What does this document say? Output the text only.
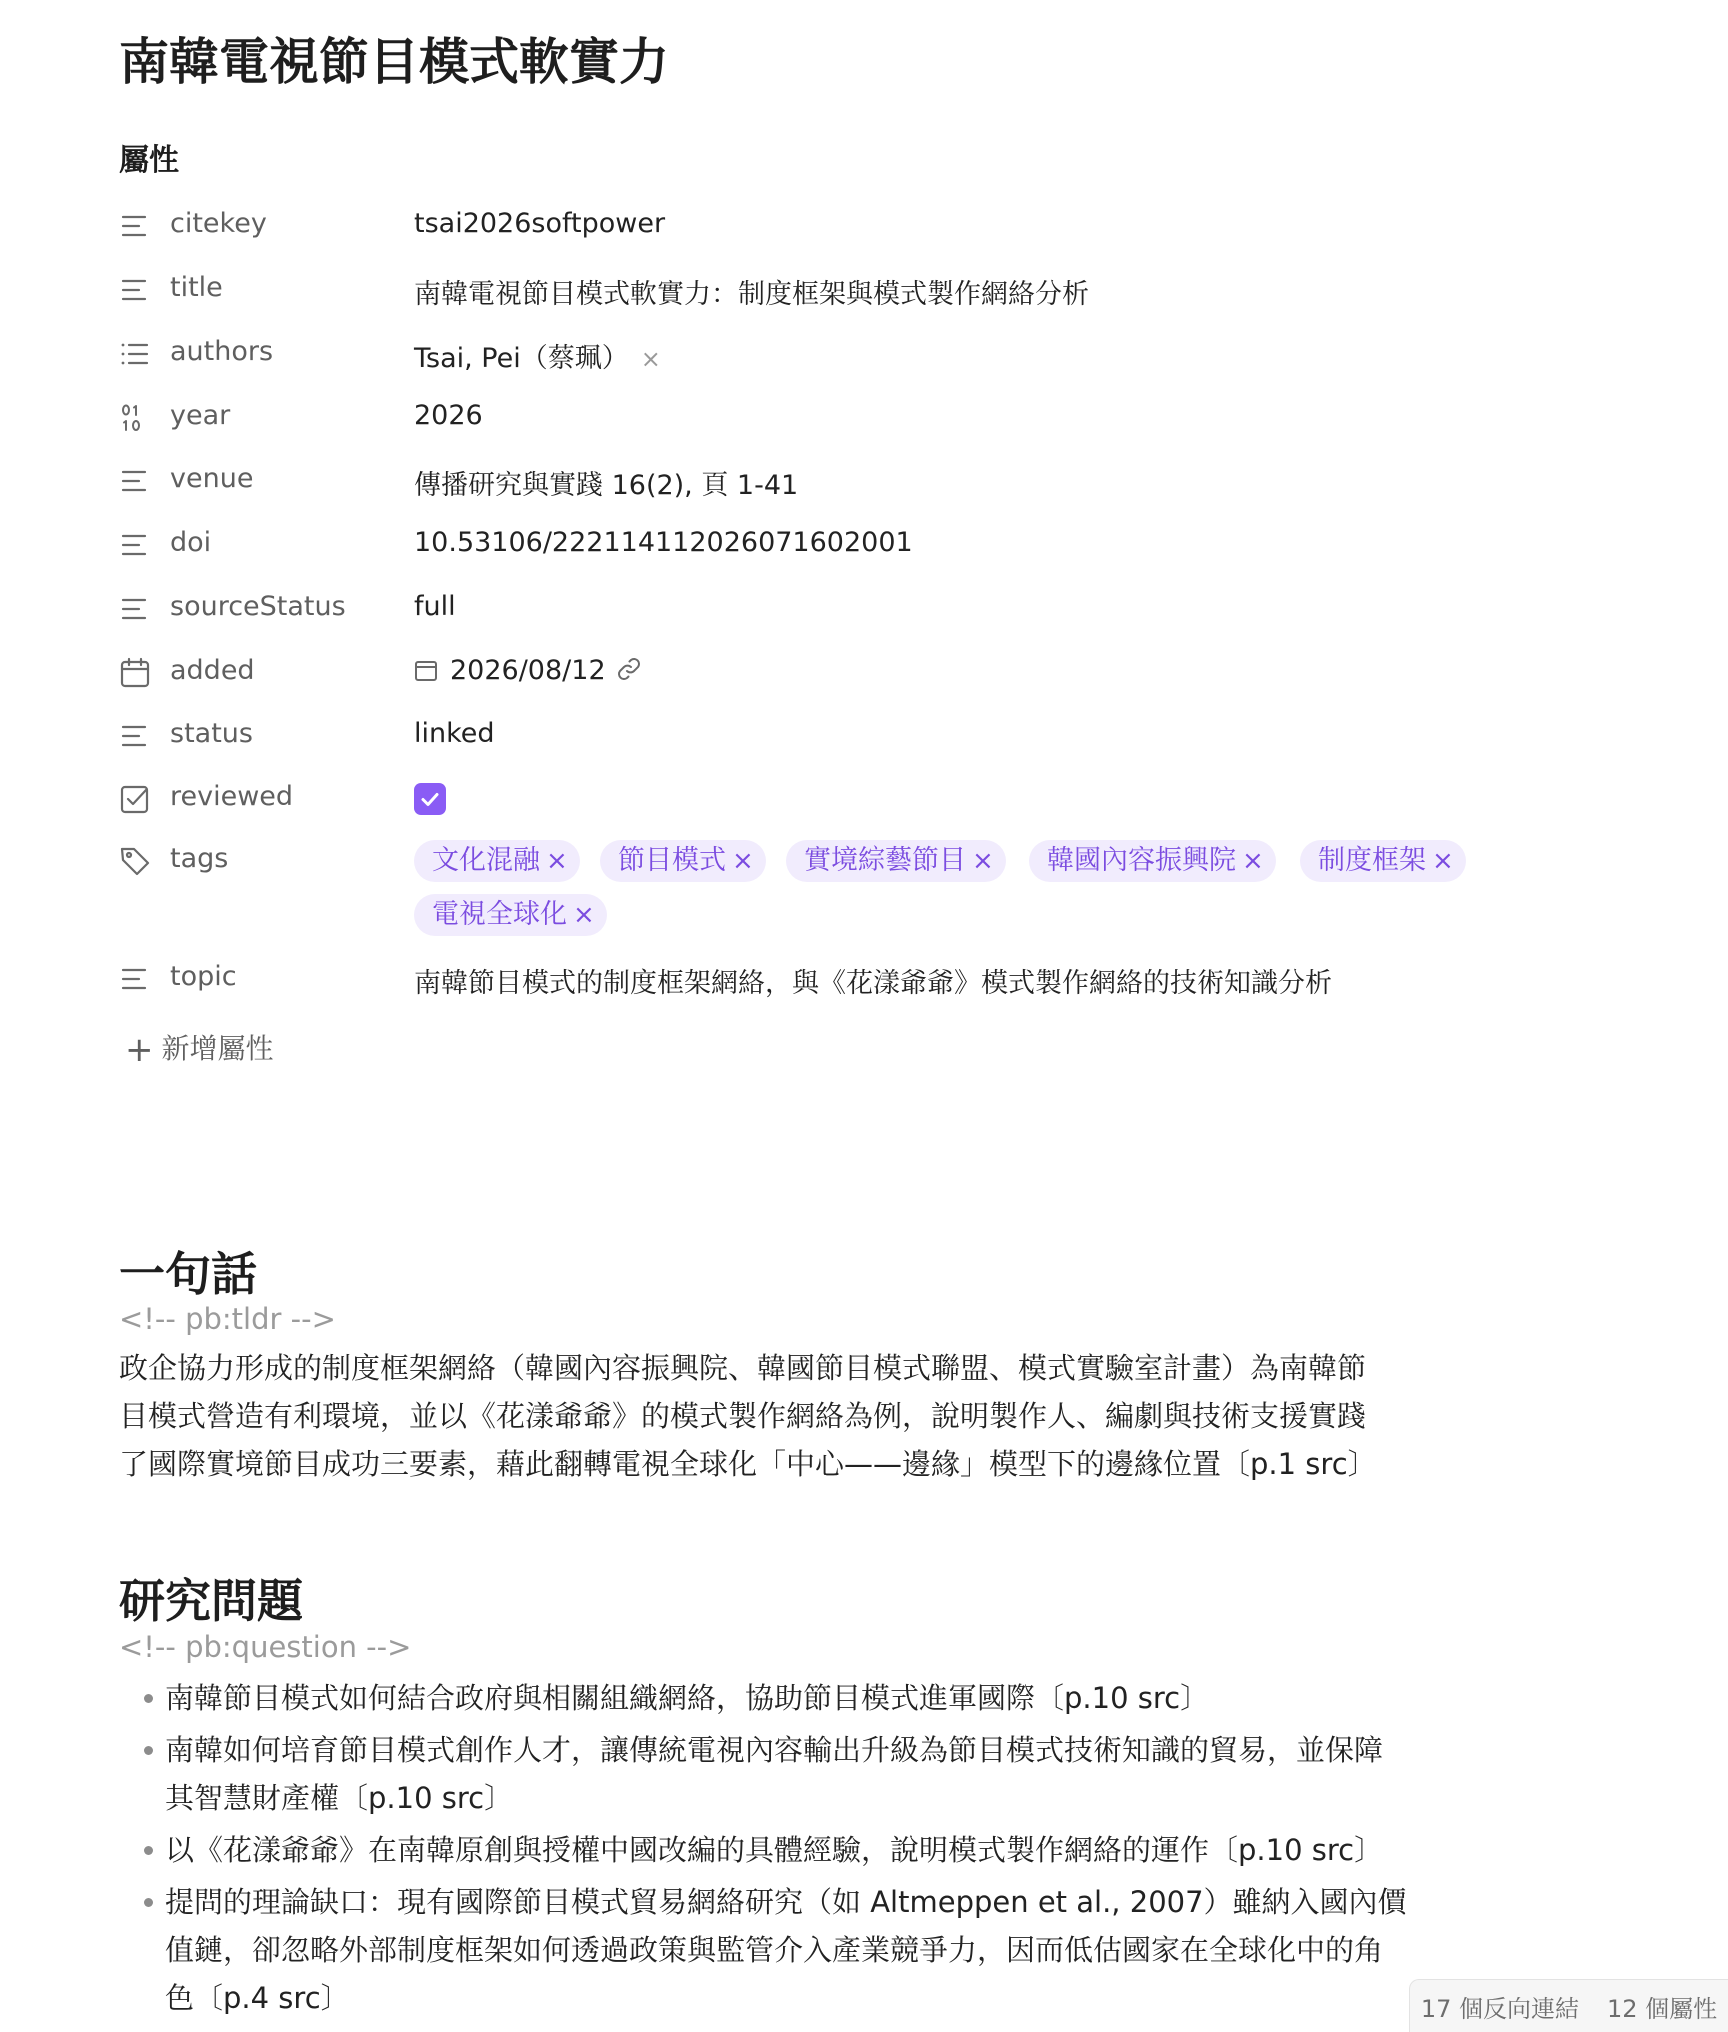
南韓電視節目模式軟實力
屬性
citekey	tsai2026softpower
title	南韓電視節目模式軟實力：制度框架與模式製作網絡分析
authors	Tsai, Pei（蔡珮） ×
year	2026
venue	傳播研究與實踐 16(2), 頁 1-41
doi	10.53106/222114112026071602001
sourceStatus	full
added	2026/08/12
status	linked
reviewed
tags	文化混融 ×	節目模式 ×	實境綜藝節目 ×	韓國內容振興院 ×	制度框架 ×
電視全球化 ×
topic	南韓節目模式的制度框架網絡，與《花漾爺爺》模式製作網絡的技術知識分析
+ 新增屬性
一句話
<!-- pb:tldr -->
政企協力形成的制度框架網絡（韓國內容振興院、韓國節目模式聯盟、模式實驗室計畫）為南韓節
目模式營造有利環境，並以《花漾爺爺》的模式製作網絡為例，說明製作人、編劇與技術支援實踐
了國際實境節目成功三要素，藉此翻轉電視全球化「中心——邊緣」模型下的邊緣位置〔p.1 src〕
研究問題
<!-- pb:question -->
南韓節目模式如何結合政府與相關組織網絡，協助節目模式進軍國際〔p.10 src〕
南韓如何培育節目模式創作人才，讓傳統電視內容輸出升級為節目模式技術知識的貿易，並保障
其智慧財產權〔p.10 src〕
以《花漾爺爺》在南韓原創與授權中國改編的具體經驗，說明模式製作網絡的運作〔p.10 src〕
提問的理論缺口：現有國際節目模式貿易網絡研究（如 Altmeppen et al., 2007）雖納入國內價
值鏈，卻忽略外部制度框架如何透過政策與監管介入產業競爭力，因而低估國家在全球化中的角
色〔p.4 src〕	17 個反向連結 12 個屬性
